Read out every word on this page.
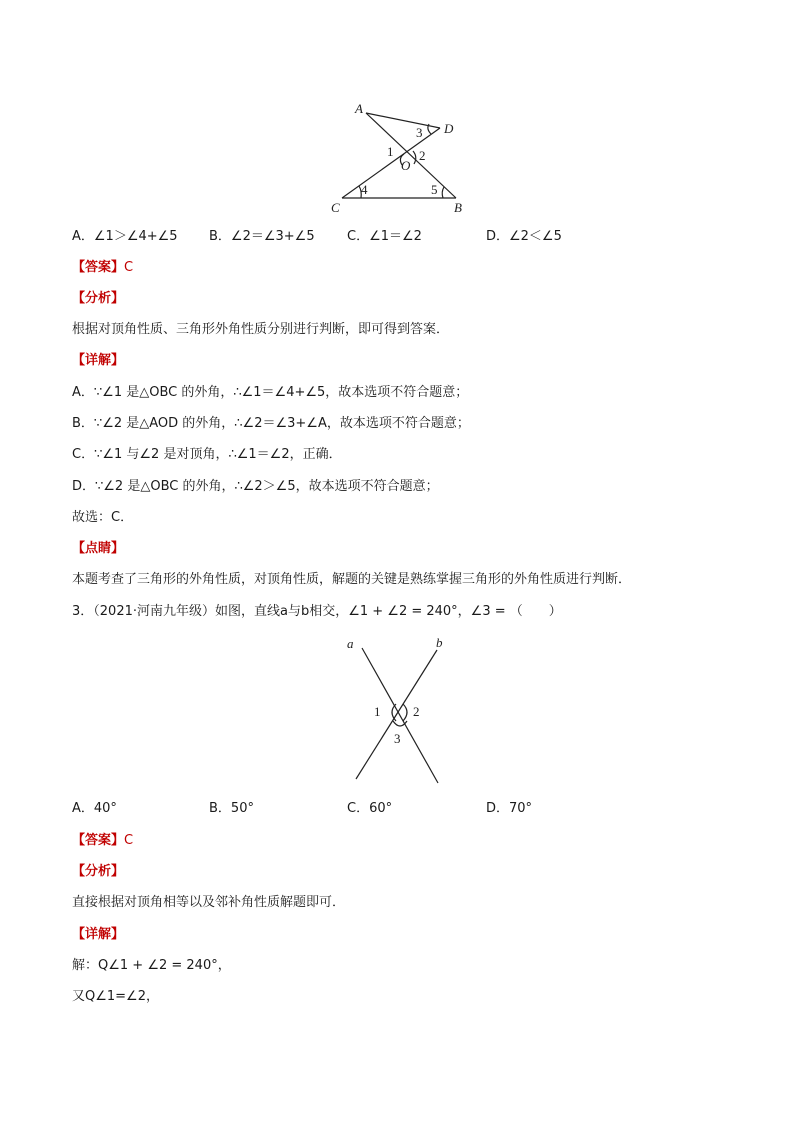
A
D
O
C	B
1 2
3
4	5
A．∠1＞∠4+∠5 B．∠2＝∠3+∠5 C．∠1＝∠2	D．∠2＜∠5
【答案】C
【分析】
根据对顶角性质、三角形外角性质分别进行判断，即可得到答案．
【详解】
A．∵∠1 是△OBC 的外角，∴∠1＝∠4+∠5，故本选项不符合题意；
B．∵∠2 是△AOD 的外角，∴∠2＝∠3+∠A，故本选项不符合题意；
C．∵∠1 与∠2 是对顶角，∴∠1＝∠2，正确．
D．∵∠2 是△OBC 的外角，∴∠2＞∠5，故本选项不符合题意；
故选：C．
【点睛】
本题考查了三角形的外角性质，对顶角性质，解题的关键是熟练掌握三角形的外角性质进行判断．
3．（2021·河南九年级）如图，直线a与b相交，∠1 + ∠2 = 240°，∠3 = （　　）
a	b
1	2
3
A．40°	B．50°	C．60°	D．70°
【答案】C
【分析】
直接根据对顶角相等以及邻补角性质解题即可．
【详解】
解：Q∠1 + ∠2 = 240°，
又Q∠1=∠2，
